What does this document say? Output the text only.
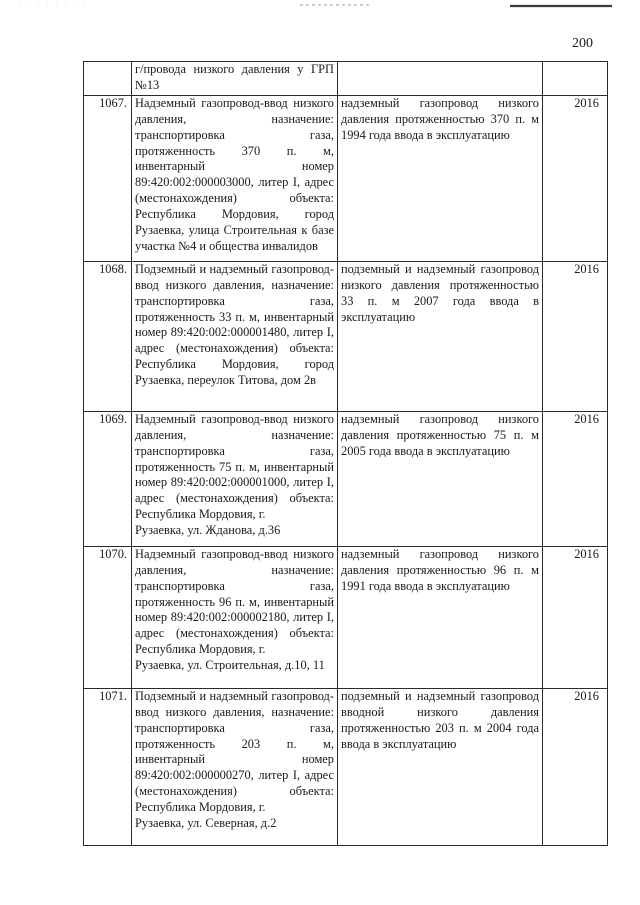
200

	г/провода низкого давления у ГРП №13		

1067.	Надземный газопровод-ввод низкого давления, назначение: транспортировка газа, протяженность 370 п. м, инвентарный номер 89:420:002:000003000, литер I, адрес (местонахождения) объекта: Республика Мордовия, город Рузаевка, улица Строительная к базе участка №4 и общества инвалидов	надземный газопровод низкого давления протяженностью 370 п. м 1994 года ввода в эксплуатацию	2016
1068.	Подземный и надземный газопровод-ввод низкого давления, назначение: транспортировка газа, протяженность 33 п. м, инвентарный номер 89:420:002:000001480, литер I, адрес (местонахождения) объекта: Республика Мордовия, город Рузаевка, переулок Титова, дом 2в	подземный и надземный газопровод низкого давления протяженностью 33 п. м 2007 года ввода в эксплуатацию	2016
1069.	Надземный газопровод-ввод низкого давления, назначение: транспортировка газа, протяженность 75 п. м, инвентарный номер 89:420:002:000001000, литер I, адрес (местонахождения) объекта: Республика Мордовия, г.
Рузаевка, ул. Жданова, д.36	надземный газопровод низкого давления протяженностью 75 п. м 2005 года ввода в эксплуатацию	2016
1070.	Надземный газопровод-ввод низкого давления, назначение: транспортировка газа, протяженность 96 п. м, инвентарный номер 89:420:002:000002180, литер I, адрес (местонахождения) объекта: Республика Мордовия, г.
Рузаевка, ул. Строительная, д.10, 11	надземный газопровод низкого давления протяженностью 96 п. м 1991 года ввода в эксплуатацию	2016
1071.	Подземный и надземный газопровод-ввод низкого давления, назначение: транспортировка газа, протяженность 203 п. м, инвентарный номер 89:420:002:000000270, литер I, адрес (местонахождения) объекта: Республика Мордовия, г.
Рузаевка, ул. Северная, д.2	подземный и надземный газопровод вводной низкого давления протяженностью 203 п. м 2004 года ввода в эксплуатацию	2016
